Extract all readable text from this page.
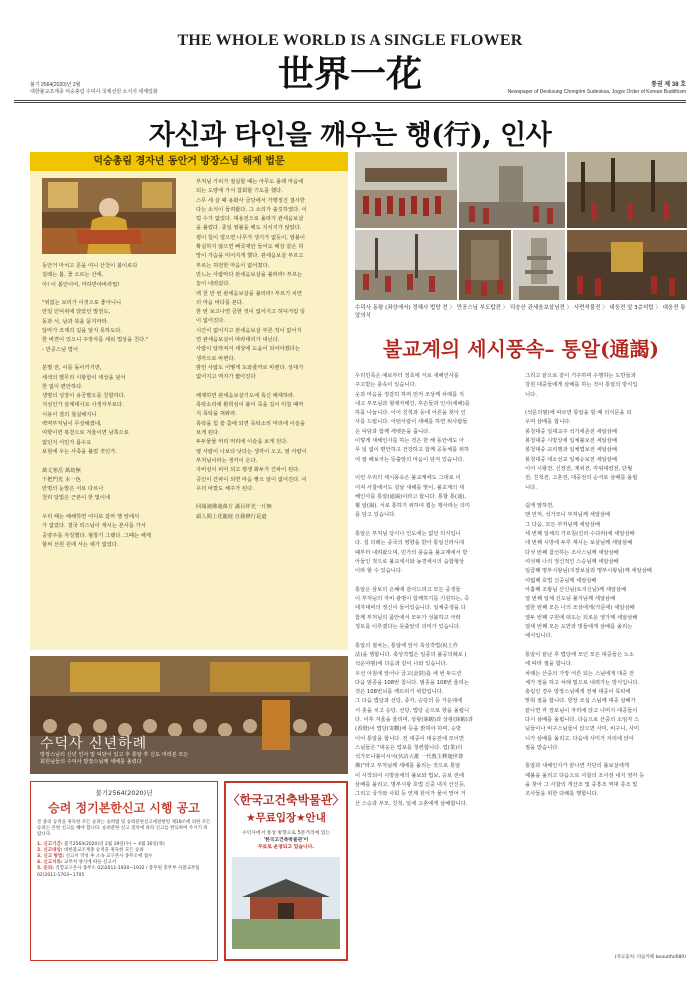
THE WHOLE WORLD IS A SINGLE FLOWER
世界一花
불기 2564(2020)년 2월
대한불교조계종 덕숭총림 수덕사 국제선원 소식지 세계일화
통권 제 38 호
Newspaper of Deoksung Chongrim Sudeoksa, Jogye Order of Korean Buddhism
자신과 타인을 깨우는 행(行), 인사
덕숭총림 경자년 동안거 방장스님 해제 법문
동안거 마치고 문을 여니 산천이 봄이로다
설레는 봄, 꽃 오르는 산에,
아! 이 봄인이여, 마하반야바라밀!
"위없는 보리가 이것으로 좋아니니
만일 인덕위에 앉았던 발전도,
동과 서, 남과 북을 묻지마라.
달마가 조계의 길을 알지 못하도다.
한 버젼이 있으니 주장자를 세워 법상을 친다."
- 만공스님 법어
분별 전, 이를 돌이키기면,
세색의 별무리 시왕함이 세상을 덮어
한 없이 편안하다.
생명의 성장이 용궁팔오를 친합하다.
지심인가 삼계대사요 사생자부로다.
시용이 결의 철실해지니
벽역부처님이 무상해졌네,
여향이면 복천으로 겨울이면 남쪽으로
없던지 서민가 몸수요
보현에 우는 사족을 불렀 것인가.
萬丈寒岳 萬劫無
千把門光 本一色
만명의 눈발은 서로 다르나
천리 달빛은 근본이 한 빛이네
우리 해는 해해하면 어디로 갈까 행 앞에서
가 없었다. 결국 리스님이 계시는 본사를 가서
공양주를 자칭했다. 혈창기 그랬다. 그때는 해제
할써 선원 원에 서는 예가 없었다.
부처님 가피가 절실할 때는 아무도 몰래 마음에
되는 도량에 가서 참회할 기도를 했다.
스무 세 살 때 용화사 금당에서 가행정진 결사한
다는 소식이 들려왔다. 그 소리가 솔깃하였다. 이
럴 수가 없었다. 대용전으로 올라가 관세음보살
을 불렀다. 종일 염불을 해도 지치지가 않았다.
평이 힘이 얼으면 나무가 생기가 없듯이, 염불이
확실하지 않으면 뼈국재만 들어도 해상 같은 허
망이 가슴을 미어지게 했다. 관세음보살 부르고
부르는 허전한 마음이 없어졌다.
만느는 사람마다 관세음보살을 불러라! 부르는
놓이 내려섰다.
백 천 만 번 관세음보살을 불러라! 부르기 치면
의 마음 바다를 본다.
한 번 보고나면 금한 것이 없어지고 허덕거림 일
이 없어진다.
시간이 없어지고 관세음보살 부른 적이 없어지
면 관세음보살이 따라대리가 내닌다.
사람이 달라져서 세상에 도움이 되어야겠다는
생각으로 바뀐다.
밤먼 사람도 어떻게 도와줄까로 바뀐다. 상대가
없어지고 역지가 짧아진다
해제하면 관세음보살기도에 록신 해재하라.
목탁소리에 환희심이 붙이 죽을 길이 미칠 때까
지 목탁을 쳐봐라.
목탁을 힘 쓸 쯤에 되면 목탁소리 머리에 이슬을
보게 된다.
두두물물 머리 머리에 이슬을 보게 된다.
옆 사람이 나보다 낫다는 생각이 오고, 옆 사람이
부처님이라는 생각이 온다.
자비심이 피어 되고 평생 화두가 간파이 된다.
공인이 간파이 되면 마음 빵으 알이 없어진다. 이
우더 바깥도 해주가 된다.
回報諸佛通萬方 滿目祥光一片無
頭人間上花龍庭 自我修行是道
수덕사 동왕 (좌상에서) 정혜사 법당 전 〉 만공스님 부도탑전 〉 덕숭산 관세음보살님전 〉 사면석불전 〉 대웅전 앞 3층석탑 〉 대웅전 통알의식
불교계의 세시풍속– 통알(通謁)
우리민족은 예로부터 정초에 서로 새해인사를
주고받는 풍속이 있습니다.
웃과 마음을 정갈히 하며 먼저 조상께 차례를 지
내고 부모님과 형제자매간, 후손들과 인사(세배)를
하를 나눕니다. 이어 친척과 동네 어른을 찾아 인
사를 드립니다. 어떤사람이 세배를 하면 위사람들
은 덕담과 함께 세뱃돈을 줍니다.
이렇게 새해인사를 하는 것은 한 해 동안에도 아
무 일 없이 편안하고 건강하고 함께 공동체를 위하
여 잘 해보자는 뜻출앞의 마음이 담겨 있습니다.
이런 우리의 세시풍속은 불교계에도 그대로 이
어져 사찰에서도 설날 새해를 맞이, 불교계의 새
해인사를 통알(通謁)이라고 합니다. 통할 통(通),
뵐 알(謁). 서로 통하기 위하여 뵙는 행사라는 의미
를 담고 있습니다.
통알은 부처님 당시나 인도에는 없던 의식입니
다. 설 의례는 중국의 영향을 받아 통일신라시대
때부터 내려왔으며, 민가의 풍습을 불교계에서 받
아들인 것으로 불교세시와 농경세시의 습합형상
이라 할 수 있습니다.
통알은 삼보의 은혜에 감사드리고 모든 중생들
이 부처님의 자비 광명이 함께하기를 기원하는, 즉
대자대비의 정신이 들어있습니다. 일체중생을 다
함께 부처님의 품안에서 모두가 성불하고 극락
정토를 이루겠다는 뜻출앞의 의미가 있습니다.
통알의 절차는, 통알에 앞서 축상작법(祝上作
法)을 행합니다. 축상작법은 일종의 불공의례로 (
석운야범)에 다음과 같이 나와 있습니다.
우선 아침에 앞어나 금고(金鼓)를 세 번 두드린
다음 범종을 108번 칩니다. 범종을 108번 울리는
것은 108번뇌를 깨뜨리기 위함입니다.
그 다음 법당과 선당, 종각, 승당의 등 가운데에
서 촛을 치고 승당, 선당, 법당 순으로 향을 올립니
다. 이후 겨울을 울리며, 상왕(牀幄)과 상왕(牀幄)과
(香燈)이 법당(寄觀)에 등을 밝혀야 하며, 승방
이어 통알을 합니다. 전 대중이 대웅전에 모이면
스님들은 "대웅은 업보를 청련합니다. 업(業)의
석가모니불이시어(伏詩大雄 一代教主釋迦世尊
佛)"라고 부처님께 세배를 올리는 것으로 통알
이 시작되어 시방삼세의 불보와 법보, 승보 전에
삼배를 올리고, 명부시왕 호법 신중 내지 산신등,
그리고 국가와 사회 등 연계 원어가 물어 망어 거
산 스승과 부모, 친척, 일체 고혼에게 삼배합니다.
그리고 끝으로 같이 거주하며 수행하는 도반들과
강원 대중들에게 삼배를 하는 것이 통알의 방식입
니다.
(석문의범)에 따르면 통알을 할 때 의식문을 외
우며 삼배를 합니다.
봉청대중 일대교주 석가세존전 세알삼배
봉청대중 시방상세 일체불보전 세알삼배
봉청대중 교리행과 일체법보전 세알삼배
봉청대중 대소선교 일체승보전 세알삼배
이어 시왕전, 신장전, 제위전, 각위대령전, 단월
전, 친척전, 고혼전, 대중전의 순서로 삼배를 올립
니다.
쉽게 말하면,
맨 먼저, 석가모니 부처님께 세알삼배
그 다음, 모든 부처님께 세알삼배
세 번째 일체의 가르침(진리·수다라)에 세알삼배
네 번째 시방에 두루 계시는 보살님께 세알삼배
다섯 번째 참선하는 조사스님께 세알삼배
여섯째 나의 정신적인 스승님께 세알삼배
일곱째 명부시왕님(지장보살과 명부시왕님)께 세알삼배
여덟째 호법 신중님께 세알삼배
아홉째 조왕님 산신님(토지신님)께 세알삼배
열 번째 일체 신도님 불자님께 세알삼배
열한 번째 모든 나의 조상에게(가문에) 세알삼배
열두 번째 구원에 떠도는 외로운 영가께 세알삼배
열세 번째 모든 도반과 벗들에게 삼배를 올리는
예식입니다.
통알이 끝난 후 법당에 모인 모든 대중들은 노소
에 따라 절을 합니다.
차례는 산중의 가장 어른 되는 스님에게 대중 전
체가 정을 하고 차례 밑으로 내려가는 방식입니다.
총림인 경우 방장스님에게 전체 대중이 목탁에
맞춰 절을 합니다. 방장 조실 스님께 대중 삼배가
끝나면 각 장로님이 자리에 앉고 나머지 대중들이
다시 삼배를 올립니다. 다음으로 산중의 소임자 스
님들이나 비구스님들이 앉으면 사미, 비구니, 사미
니가 삼배를 올리고, 다음에 사미가 자리에 앉아
절을 받습니다.
통알과 새해인사가 끝나면 각단의 불보살에게
예불을 올리고 다음으로 사찰의 조사전 내지 영각 등
을 찾아 그 사찰의 개산조 및 중흥조 역대 종조 및
조사들을 위한 다례를 행합니다.
수덕사 신년하례
방장스님의 신년 인사 및 덕담이 있고 후 통알 후 신도 여러분 모든 회원님들의 수덕사 방장스님께 세배를 올렸다
불기2564(2020)년
승려 정기본한신고 시행 공고
본 종의 승적을 취득한 모든 승려는 승려법 및 승려분한신고에관한령 제19조에 의한 모든 승려는 본한 신고를 해야 합니다. 승려분한 신고 절차에 따라 신고를 완료하여 주시기 바랍니다.
1. 신고기간: 불기2564(2020)년 2월 19일(수) ~ 4월 30일(목)
2. 신고대상: 대한불교조계종 승적을 취득한 모든 승려
3. 신고 방법: 신고서 작성 후 소속 교구본사 종무소에 접수
4. 신고서류: 교무처 양식에 따른 신고서
5. 문의: 직할교구본사 종무소 02)2011-1930~1932 / 총무원 총무부 사찰교무팀 02)2011-1703~1705
〈한국고건축박물관〉
★무료입장★안내
수덕사에서 통상 방향으로 5분거리에 있는
'한국고건축박물관'이
무료로 운영되고 있습니다.
(자료출처: 다음카페 beautiful080)
